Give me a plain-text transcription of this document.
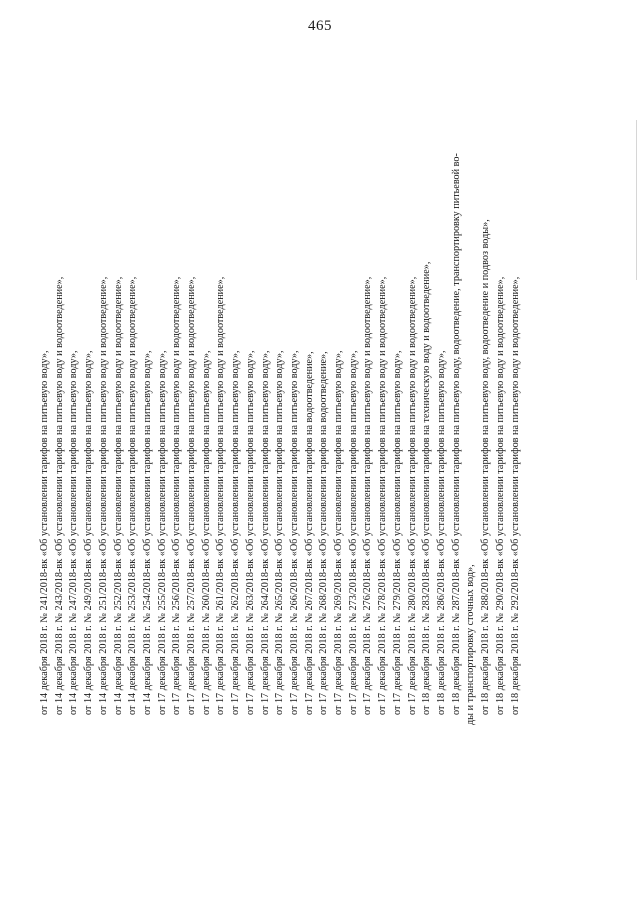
465
от 14 декабря 2018 г. № 241/2018-вк «Об установлении тарифов на питьевую воду», от 14 декабря 2018 г. № 243/2018-вк «Об установлении тарифов на питьевую воду и водоотведение», от 14 декабря 2018 г. № 247/2018-вк «Об установлении тарифов на питьевую воду», от 14 декабря 2018 г. № 249/2018-вк «Об установлении тарифов на питьевую воду», от 14 декабря 2018 г. № 251/2018-вк «Об установлении тарифов на питьевую воду и водоотведение», от 14 декабря 2018 г. № 252/2018-вк «Об установлении тарифов на питьевую воду и водоотведение», от 14 декабря 2018 г. № 253/2018-вк «Об установлении тарифов на питьевую воду и водоотведение», от 14 декабря 2018 г. № 254/2018-вк «Об установлении тарифов на питьевую воду», от 17 декабря 2018 г. № 255/2018-вк «Об установлении тарифов на питьевую воду», от 17 декабря 2018 г. № 256/2018-вк «Об установлении тарифов на питьевую воду и водоотведение», от 17 декабря 2018 г. № 257/2018-вк «Об установлении тарифов на питьевую воду и водоотведение», от 17 декабря 2018 г. № 260/2018-вк «Об установлении тарифов на питьевую воду», от 17 декабря 2018 г. № 261/2018-вк «Об установлении тарифов на питьевую воду и водоотведение», от 17 декабря 2018 г. № 262/2018-вк «Об установлении тарифов на питьевую воду», от 17 декабря 2018 г. № 263/2018-вк «Об установлении тарифов на питьевую воду», от 17 декабря 2018 г. № 264/2018-вк «Об установлении тарифов на питьевую воду», от 17 декабря 2018 г. № 265/2018-вк «Об установлении тарифов на питьевую воду», от 17 декабря 2018 г. № 266/2018-вк «Об установлении тарифов на питьевую воду», от 17 декабря 2018 г. № 267/2018-вк «Об установлении тарифов на водоотведение», от 17 декабря 2018 г. № 268/2018-вк «Об установлении тарифов на водоотведение», от 17 декабря 2018 г. № 269/2018-вк «Об установлении тарифов на питьевую воду», от 17 декабря 2018 г. № 273/2018-вк «Об установлении тарифов на питьевую воду», от 17 декабря 2018 г. № 276/2018-вк «Об установлении тарифов на питьевую воду и водоотведение», от 17 декабря 2018 г. № 278/2018-вк «Об установлении тарифов на питьевую воду и водоотведение», от 17 декабря 2018 г. № 279/2018-вк «Об установлении тарифов на питьевую воду», от 17 декабря 2018 г. № 280/2018-вк «Об установлении тарифов на питьевую воду и водоотведение», от 18 декабря 2018 г. № 283/2018-вк «Об установлении тарифов на техническую воду и водоотведение», от 18 декабря 2018 г. № 286/2018-вк «Об установлении тарифов на питьевую воду», от 18 декабря 2018 г. № 287/2018-вк «Об установлении тарифов на питьевую воду, водоотведение, транспортировку питьевой во- ды и транспортировку сточных вод», от 18 декабря 2018 г. № 288/2018-вк «Об установлении тарифов на питьевую воду, водоотведение и подвоз воды», от 18 декабря 2018 г. № 290/2018-вк «Об установлении тарифов на питьевую воду и водоотведение», от 18 декабря 2018 г. № 292/2018-вк «Об установлении тарифов на питьевую воду и водоотведение»,
